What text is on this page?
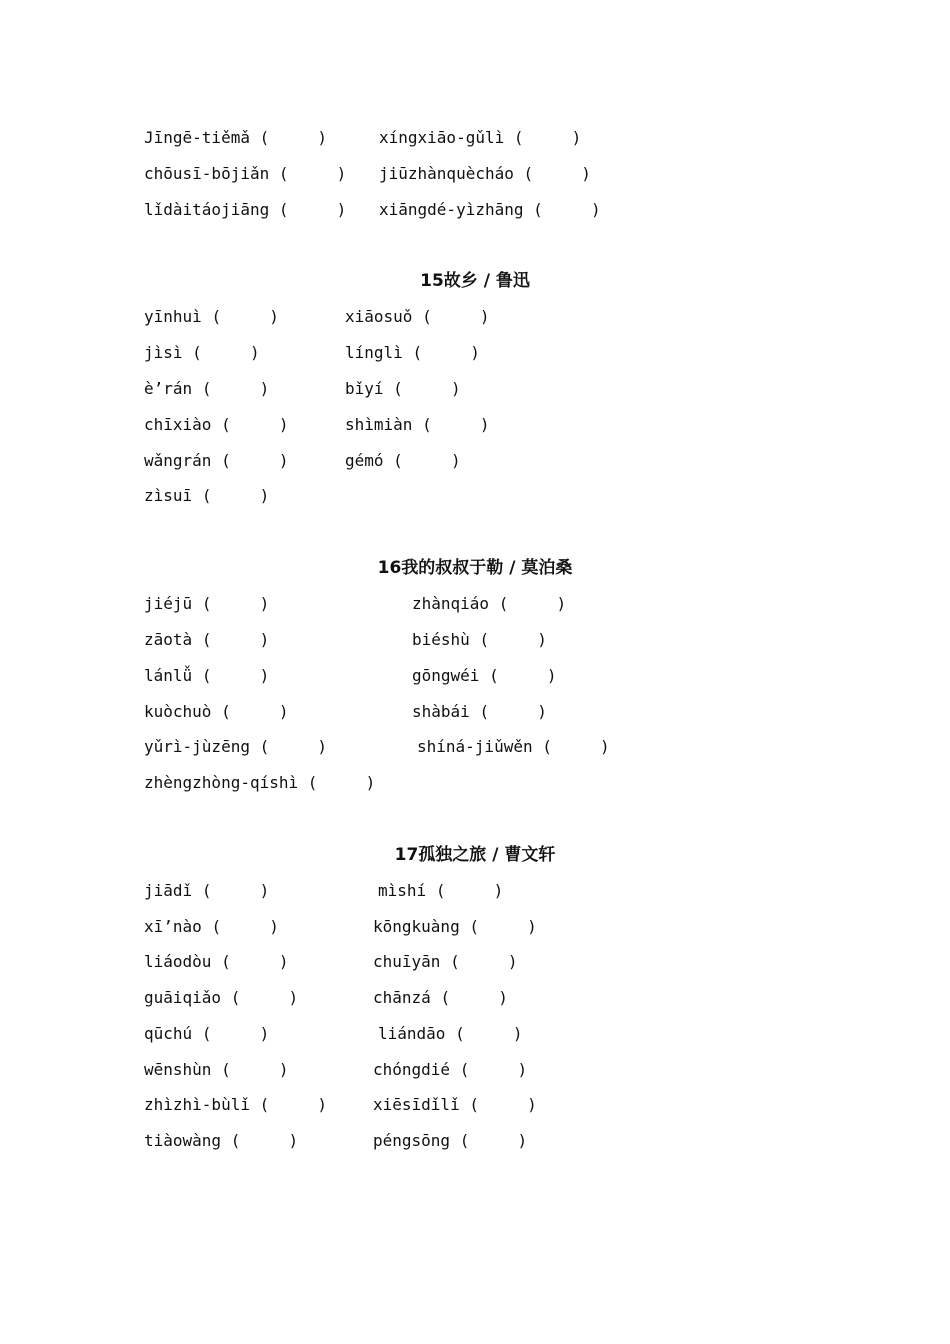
Jīngē-tiěmǎ (     )	xíngxiāo-gǔlì (     )
chōusī-bōjiǎn (     ) jiūzhànquècháo (     )
lǐdàitáojiāng (     ) xiāngdé-yìzhāng (     )
15故乡 / 鲁迅
yīnhuì (     )	xiāosuǒ (     )
jìsì (     )	línglì (     )
è’rán (     )	bǐyí (     )
chīxiào (     )	shìmiàn (     )
wǎngrán (     )	gémó (     )
zìsuī (     )
16我的叔叔于勒 / 莫泊桑
jiéjū (     )	zhànqiáo (     )
zāotà (     )	biéshù (     )
lánlǚ (     )	gōngwéi (     )
kuòchuò (     )	shàbái (     )
yǔrì-jùzēng (     )	shíná-jiǔwěn (     )
zhèngzhòng-qíshì (     )
17孤独之旅 / 曹文轩
jiādǐ (     )	mìshí (     )
xī’nào (     )	kōngkuàng (     )
liáodòu (     )	chuīyān (     )
guāiqiǎo (     )	chānzá (     )
qūchú (     )	liándāo (     )
wēnshùn (     )	chóngdié (     )
zhìzhì-bùlǐ (     )	xiēsīdǐlǐ (     )
tiàowàng (     )	péngsōng (     )
